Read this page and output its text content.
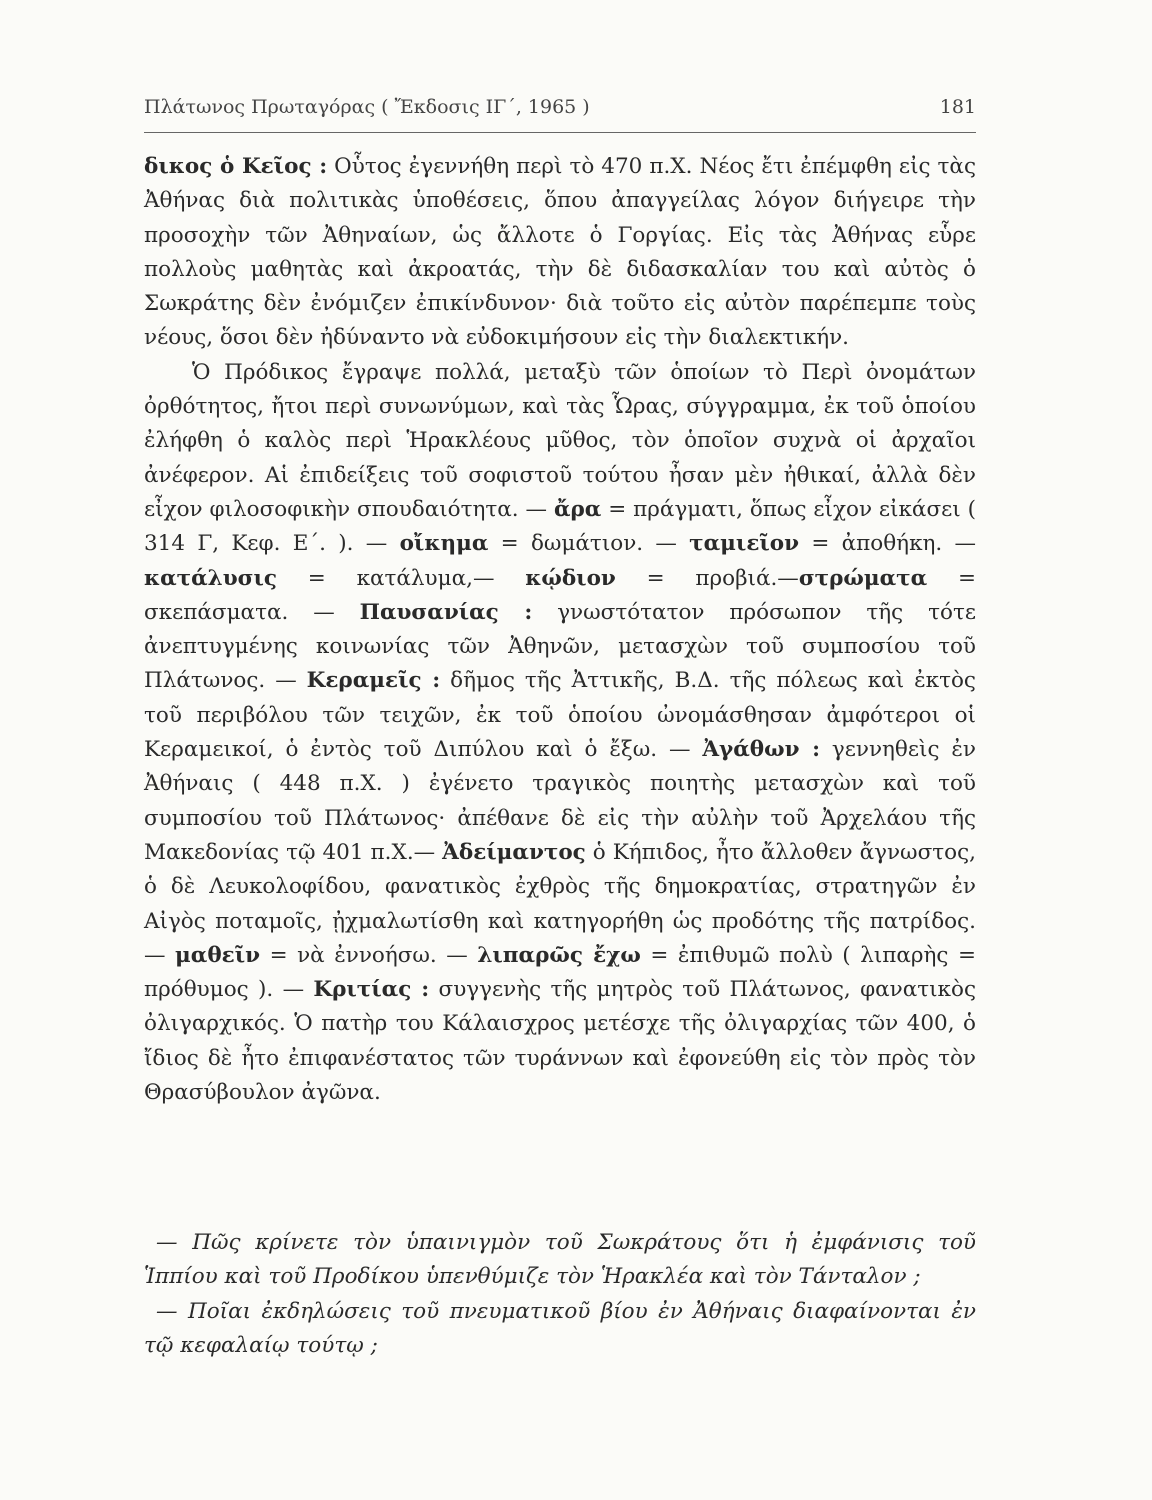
Πλάτωνος Πρωταγόρας ( Ἔκδοσις ΙΓ΄, 1965 )	181

δικος ὁ Κεῖος : Οὗτος ἐγεννήθη περὶ τὸ 470 π.Χ. Νέος ἔτι ἐπέμφθη εἰς τὰς Ἀθήνας διὰ πολιτικὰς ὑποθέσεις, ὅπου ἀπαγγείλας λόγον διήγειρε τὴν προσοχὴν τῶν Ἀθηναίων, ὡς ἄλλοτε ὁ Γοργίας. Εἰς τὰς Ἀθήνας εὗρε πολλοὺς μαθητὰς καὶ ἀκροατάς, τὴν δὲ διδασκαλίαν του καὶ αὐτὸς ὁ Σωκράτης δὲν ἐνόμιζεν ἐπικίνδυνον· διὰ τοῦτο εἰς αὐτὸν παρέπεμπε τοὺς νέους, ὅσοι δὲν ἠδύναντο νὰ εὐδοκιμήσουν εἰς τὴν διαλεκτικήν.

Ὁ Πρόδικος ἔγραψε πολλά, μεταξὺ τῶν ὁποίων τὸ Περὶ ὀνομάτων ὀρθότητος, ἤτοι περὶ συνωνύμων, καὶ τὰς Ὧρας, σύγγραμμα, ἐκ τοῦ ὁποίου ἐλήφθη ὁ καλὸς περὶ Ἡρακλέους μῦθος, τὸν ὁποῖον συχνὰ οἱ ἀρχαῖοι ἀνέφερον. Αἱ ἐπιδείξεις τοῦ σοφιστοῦ τούτου ἦσαν μὲν ἠθικαί, ἀλλὰ δὲν εἶχον φιλοσοφικὴν σπουδαιότητα. — ἄρα = πράγματι, ὅπως εἶχον εἰκάσει ( 314 Γ, Κεφ. Ε΄. ). — οἴκημα = δωμάτιον. — ταμιεῖον = ἀποθήκη. — κατάλυσις = κατάλυμα,— κῴδιον = προβιά.—στρώματα = σκεπάσματα. — Παυσανίας : γνωστότατον πρόσωπον τῆς τότε ἀνεπτυγμένης κοινωνίας τῶν Ἀθηνῶν, μετασχὼν τοῦ συμποσίου τοῦ Πλάτωνος. — Κεραμεῖς : δῆμος τῆς Ἀττικῆς, Β.Δ. τῆς πόλεως καὶ ἐκτὸς τοῦ περιβόλου τῶν τειχῶν, ἐκ τοῦ ὁποίου ὠνομάσθησαν ἀμφότεροι οἱ Κεραμεικοί, ὁ ἐντὸς τοῦ Διπύλου καὶ ὁ ἔξω. — Ἀγάθων : γεννηθεὶς ἐν Ἀθήναις ( 448 π.Χ. ) ἐγένετο τραγικὸς ποιητὴς μετασχὼν καὶ τοῦ συμποσίου τοῦ Πλάτωνος· ἀπέθανε δὲ εἰς τὴν αὐλὴν τοῦ Ἀρχελάου τῆς Μακεδονίας τῷ 401 π.Χ.— Ἀδείμαντος ὁ Κήπιδος, ἦτο ἄλλοθεν ἄγνωστος, ὁ δὲ Λευκολοφίδου, φανατικὸς ἐχθρὸς τῆς δημοκρατίας, στρατηγῶν ἐν Αἰγὸς ποταμοῖς, ᾐχμαλωτίσθη καὶ κατηγορήθη ὡς προδότης τῆς πατρίδος. — μαθεῖν = νὰ ἐννοήσω. — λιπαρῶς ἔχω = ἐπιθυμῶ πολὺ ( λιπαρὴς = πρόθυμος ). — Κριτίας : συγγενὴς τῆς μητρὸς τοῦ Πλάτωνος, φανατικὸς ὀλιγαρχικός. Ὁ πατὴρ του Κάλαισχρος μετέσχε τῆς ὀλιγαρχίας τῶν 400, ὁ ἴδιος δὲ ἦτο ἐπιφανέστατος τῶν τυράννων καὶ ἐφονεύθη εἰς τὸν πρὸς τὸν Θρασύβουλον ἀγῶνα.

— Πῶς κρίνετε τὸν ὑπαινιγμὸν τοῦ Σωκράτους ὅτι ἡ ἐμφάνισις τοῦ Ἱππίου καὶ τοῦ Προδίκου ὑπενθύμιζε τὸν Ἡρακλέα καὶ τὸν Τάνταλον ;

— Ποῖαι ἐκδηλώσεις τοῦ πνευματικοῦ βίου ἐν Ἀθήναις διαφαίνονται ἐν τῷ κεφαλαίῳ τούτῳ ;
